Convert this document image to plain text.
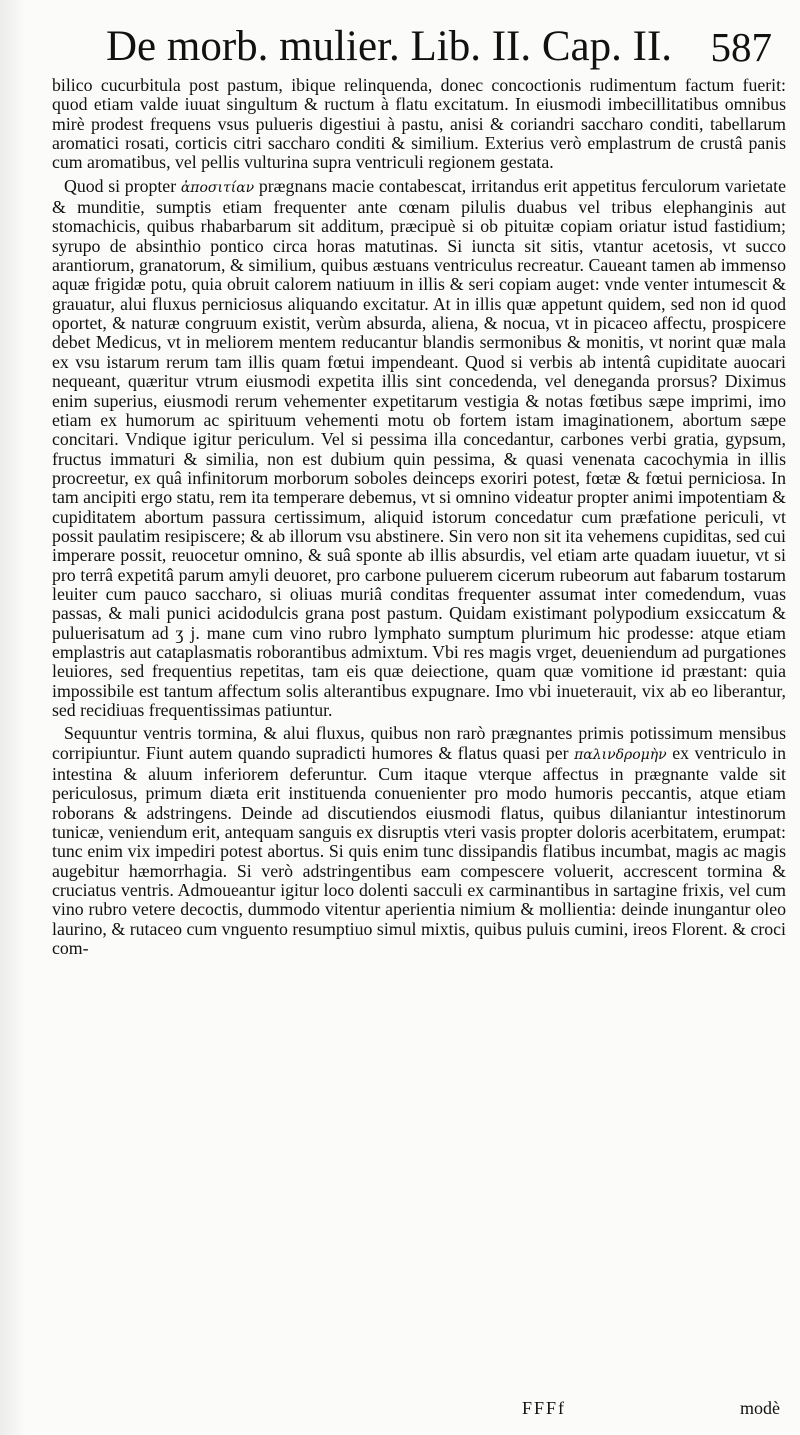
De morb. mulier. Lib. II. Cap. II. 587

bilico cucurbitula post pastum, ibique relinquenda, donec concoctionis rudimentum factum fuerit: quod etiam valde iuuat singultum & ructum à flatu excitatum. In eiusmodi imbecillitatibus omnibus mirè prodest frequens vsus pulueris digestiui à pastu, anisi & coriandri saccharo conditi, tabellarum aromatici rosati, corticis citri saccharo conditi & similium. Exterius verò emplastrum de crustâ panis cum aromatibus, vel pellis vulturina supra ventriculi regionem gestata.

Quod si propter ἀποσιτίαν prægnans macie contabescat, irritandus erit appetitus ferculorum varietate & munditie, sumptis etiam frequenter ante cœnam pilulis duabus vel tribus elephanginis aut stomachicis, quibus rhabarbarum sit additum, præcipuè si ob pituitæ copiam oriatur istud fastidium; syrupo de absinthio pontico circa horas matutinas. Si iuncta sit sitis, vtantur acetosis, vt succo arantiorum, granatorum, & similium, quibus æstuans ventriculus recreatur. Caueant tamen ab immenso aquæ frigidæ potu, quia obruit calorem natiuum in illis & seri copiam auget: vnde venter intumescit & grauatur, alui fluxus perniciosus aliquando excitatur. At in illis quæ appetunt quidem, sed non id quod oportet, & naturæ congruum existit, verùm absurda, aliena, & nocua, vt in picaceo affectu, prospicere debet Medicus, vt in meliorem mentem reducantur blandis sermonibus & monitis, vt norint quæ mala ex vsu istarum rerum tam illis quam fœtui impendeant. Quod si verbis ab intentâ cupiditate auocari nequeant, quæritur vtrum eiusmodi expetita illis sint concedenda, vel deneganda prorsus? Diximus enim superius, eiusmodi rerum vehementer expetitarum vestigia & notas fœtibus sæpe imprimi, imo etiam ex humorum ac spirituum vehementi motu ob fortem istam imaginationem, abortum sæpe concitari. Vndique igitur periculum. Vel si pessima illa concedantur, carbones verbi gratia, gypsum, fructus immaturi & similia, non est dubium quin pessima, & quasi venenata cacochymia in illis procreetur, ex quâ infinitorum morborum soboles deinceps exoriri potest, fœtæ & fœtui perniciosa. In tam ancipiti ergo statu, rem ita temperare debemus, vt si omnino videatur propter animi impotentiam & cupiditatem abortum passura certissimum, aliquid istorum concedatur cum præfatione periculi, vt possit paulatim resipiscere; & ab illorum vsu abstinere. Sin vero non sit ita vehemens cupiditas, sed cui imperare possit, reuocetur omnino, & suâ sponte ab illis absurdis, vel etiam arte quadam iuuetur, vt si pro terrâ expetitâ parum amyli deuoret, pro carbone puluerem cicerum rubeorum aut fabarum tostarum leuiter cum pauco saccharo, si oliuas muriâ conditas frequenter assumat inter comedendum, vuas passas, & mali punici acidodulcis grana post pastum. Quidam existimant polypodium exsiccatum & puluerisatum ad ʒ j. mane cum vino rubro lymphato sumptum plurimum hic prodesse: atque etiam emplastris aut cataplasmatis roborantibus admixtum. Vbi res magis vrget, deueniendum ad purgationes leuiores, sed frequentius repetitas, tam eis quæ deiectione, quam quæ vomitione id præstant: quia impossibile est tantum affectum solis alterantibus expugnare. Imo vbi inueterauit, vix ab eo liberantur, sed recidiuas frequentissimas patiuntur.

Sequuntur ventris tormina, & alui fluxus, quibus non rarò prægnantes primis potissimum mensibus corripiuntur. Fiunt autem quando supradicti humores & flatus quasi per παλινδρομὴν ex ventriculo in intestina & aluum inferiorem deferuntur. Cum itaque vterque affectus in prægnante valde sit periculosus, primum diæta erit instituenda conuenienter pro modo humoris peccantis, atque etiam roborans & adstringens. Deinde ad discutiendos eiusmodi flatus, quibus dilaniantur intestinorum tunicæ, veniendum erit, antequam sanguis ex disruptis vteri vasis propter doloris acerbitatem, erumpat: tunc enim vix impediri potest abortus. Si quis enim tunc dissipandis flatibus incumbat, magis ac magis augebitur hæmorrhagia. Si verò adstringentibus eam compescere voluerit, accrescent tormina & cruciatus ventris. Admoueantur igitur loco dolenti sacculi ex carminantibus in sartagine frixis, vel cum vino rubro vetere decoctis, dummodo vitentur aperientia nimium & mollientia: deinde inungantur oleo laurino, & rutaceo cum vnguento resumptiuo simul mixtis, quibus puluis cumini, ireos Florent. & croci com-

FFFf	modè
